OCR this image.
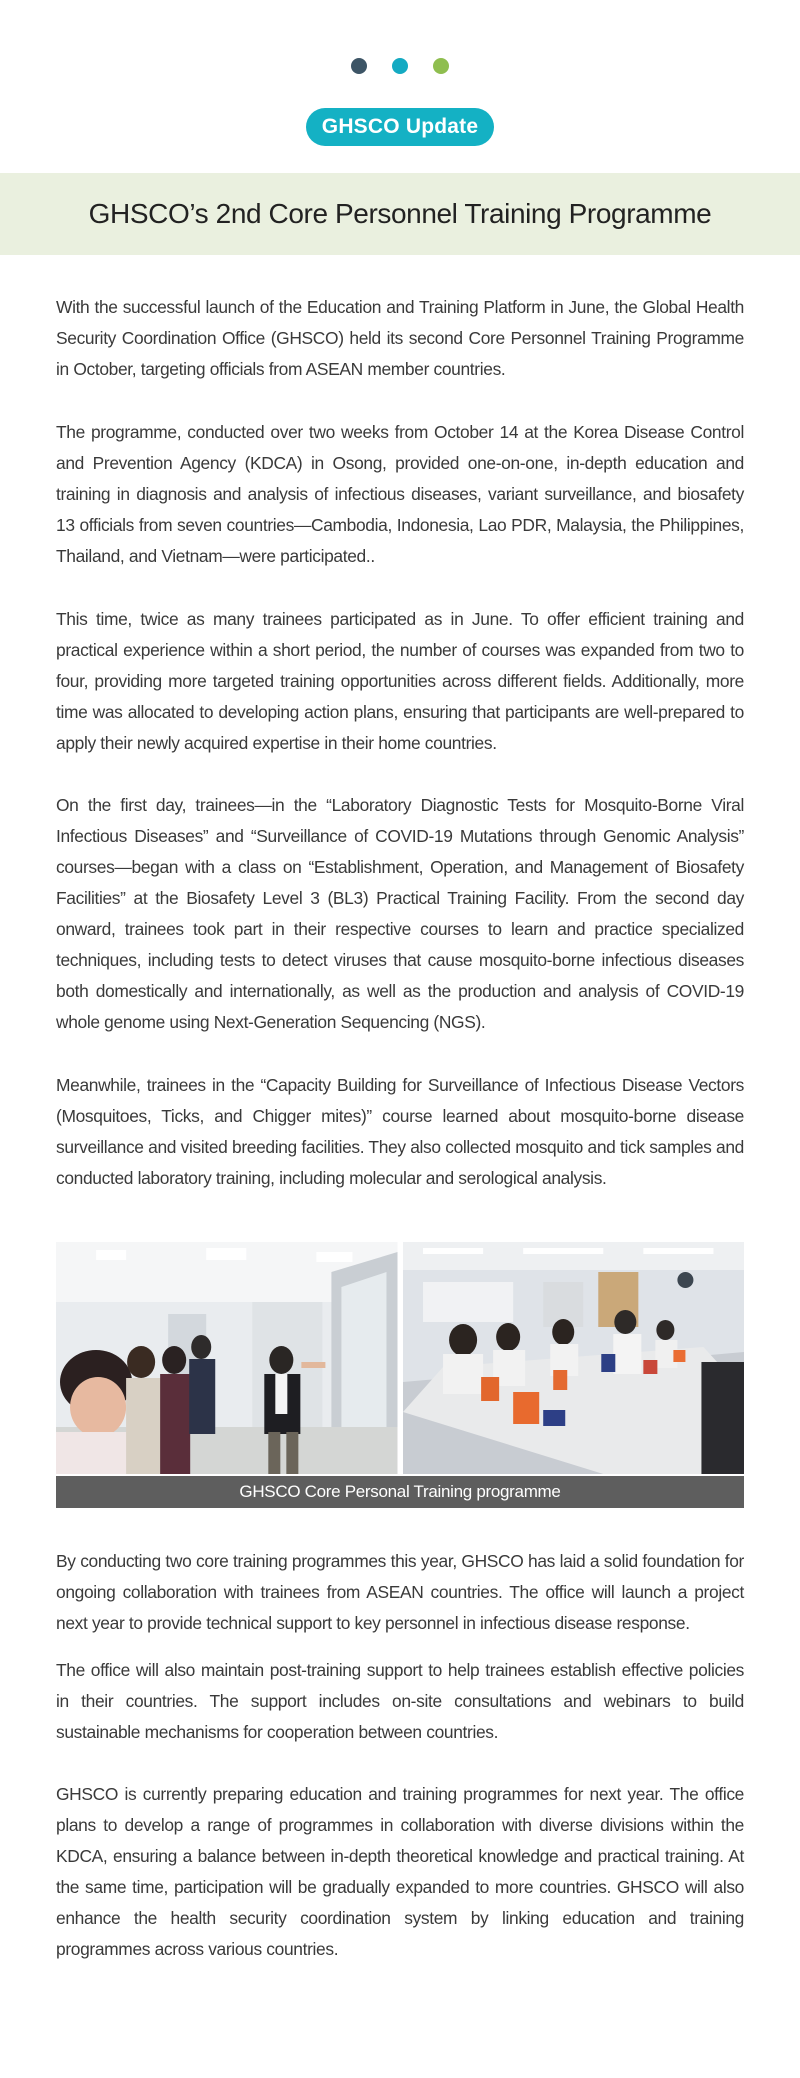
GHSCO Update
GHSCO’s 2nd Core Personnel Training Programme

With the successful launch of the Education and Training Platform in June, the Global Health Security Coordination Office (GHSCO) held its second Core Personnel Training Programme in October, targeting officials from ASEAN member countries.

The programme, conducted over two weeks from October 14 at the Korea Disease Control and Prevention Agency (KDCA) in Osong, provided one-on-one, in-depth education and training in diagnosis and analysis of infectious diseases, variant surveillance, and biosafety 13 officials from seven countries—Cambodia, Indonesia, Lao PDR, Malaysia, the Philippines, Thailand, and Vietnam—were participated..

This time, twice as many trainees participated as in June. To offer efficient training and practical experience within a short period, the number of courses was expanded from two to four, providing more targeted training opportunities across different fields. Additionally, more time was allocated to developing action plans, ensuring that participants are well-prepared to apply their newly acquired expertise in their home countries.

On the first day, trainees—in the “Laboratory Diagnostic Tests for Mosquito-Borne Viral Infectious Diseases” and “Surveillance of COVID-19 Mutations through Genomic Analysis” courses—began with a class on “Establishment, Operation, and Management of Biosafety Facilities” at the Biosafety Level 3 (BL3) Practical Training Facility. From the second day onward, trainees took part in their respective courses to learn and practice specialized techniques, including tests to detect viruses that cause mosquito-borne infectious diseases both domestically and internationally, as well as the production and analysis of COVID-19 whole genome using Next-Generation Sequencing (NGS).

Meanwhile, trainees in the “Capacity Building for Surveillance of Infectious Disease Vectors (Mosquitoes, Ticks, and Chigger mites)” course learned about mosquito-borne disease surveillance and visited breeding facilities. They also collected mosquito and tick samples and conducted laboratory training, including molecular and serological analysis.

GHSCO Core Personal Training programme

By conducting two core training programmes this year, GHSCO has laid a solid foundation for ongoing collaboration with trainees from ASEAN countries. The office will launch a project next year to provide technical support to key personnel in infectious disease response.

The office will also maintain post-training support to help trainees establish effective policies in their countries. The support includes on-site consultations and webinars to build sustainable mechanisms for cooperation between countries.

GHSCO is currently preparing education and training programmes for next year. The office plans to develop a range of programmes in collaboration with diverse divisions within the KDCA, ensuring a balance between in-depth theoretical knowledge and practical training. At the same time, participation will be gradually expanded to more countries. GHSCO will also enhance the health security coordination system by linking education and training programmes across various countries.
